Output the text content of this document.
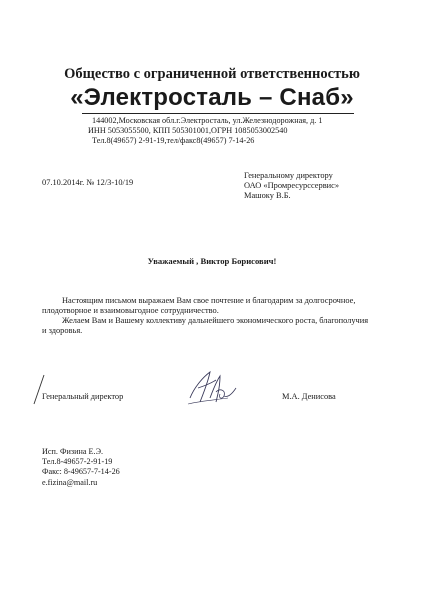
Общество с ограниченной ответственностью
«Электросталь – Снаб»
144002,Московская обл.г.Электросталь, ул.Железнодорожная, д. 1
ИНН 5053055500, КПП 505301001,ОГРН 1085053002540
Тел.8(49657) 2-91-19,тел/факс8(49657) 7-14-26
07.10.2014г. № 12/3-10/19
Генеральному директору
ОАО «Промресурссервис»
Машоку В.Б.
Уважаемый , Виктор Борисович!

Настоящим письмом выражаем Вам свое почтение и благодарим за долгосрочное,

плодотворное и взаимовыгодное сотрудничество.

Желаем Вам и Вашему коллективу дальнейшего экономического роста, благополучия

и здоровья.

Генеральный директор	М.А. Денисова
Исп. Физина Е.Э.
Тел.8-49657-2-91-19
Факс: 8-49657-7-14-26
e.fizina@mail.ru
